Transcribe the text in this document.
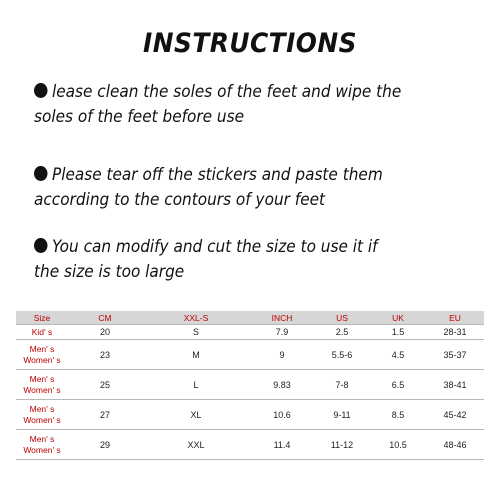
INSTRUCTIONS
lease clean the soles of the feet and wipe the
soles of the feet before use
Please tear off the stickers and paste them
according to the contours of your feet
You can modify and cut the size to use it if
the size is too large
Size	CM	XXL-S	INCH	US	UK	EU

Kid' s	20	S	7.9	2.5	1.5	28-31

Men' s
Women' s	23	M	9	5.5-6	4.5	35-37

Men' s
Women' s	25	L	9.83	7-8	6.5	38-41

Men' s
Women' s	27	XL	10.6	9-11	8.5	45-42

Men' s
Women' s	29	XXL	11.4	11-12	10.5	48-46
